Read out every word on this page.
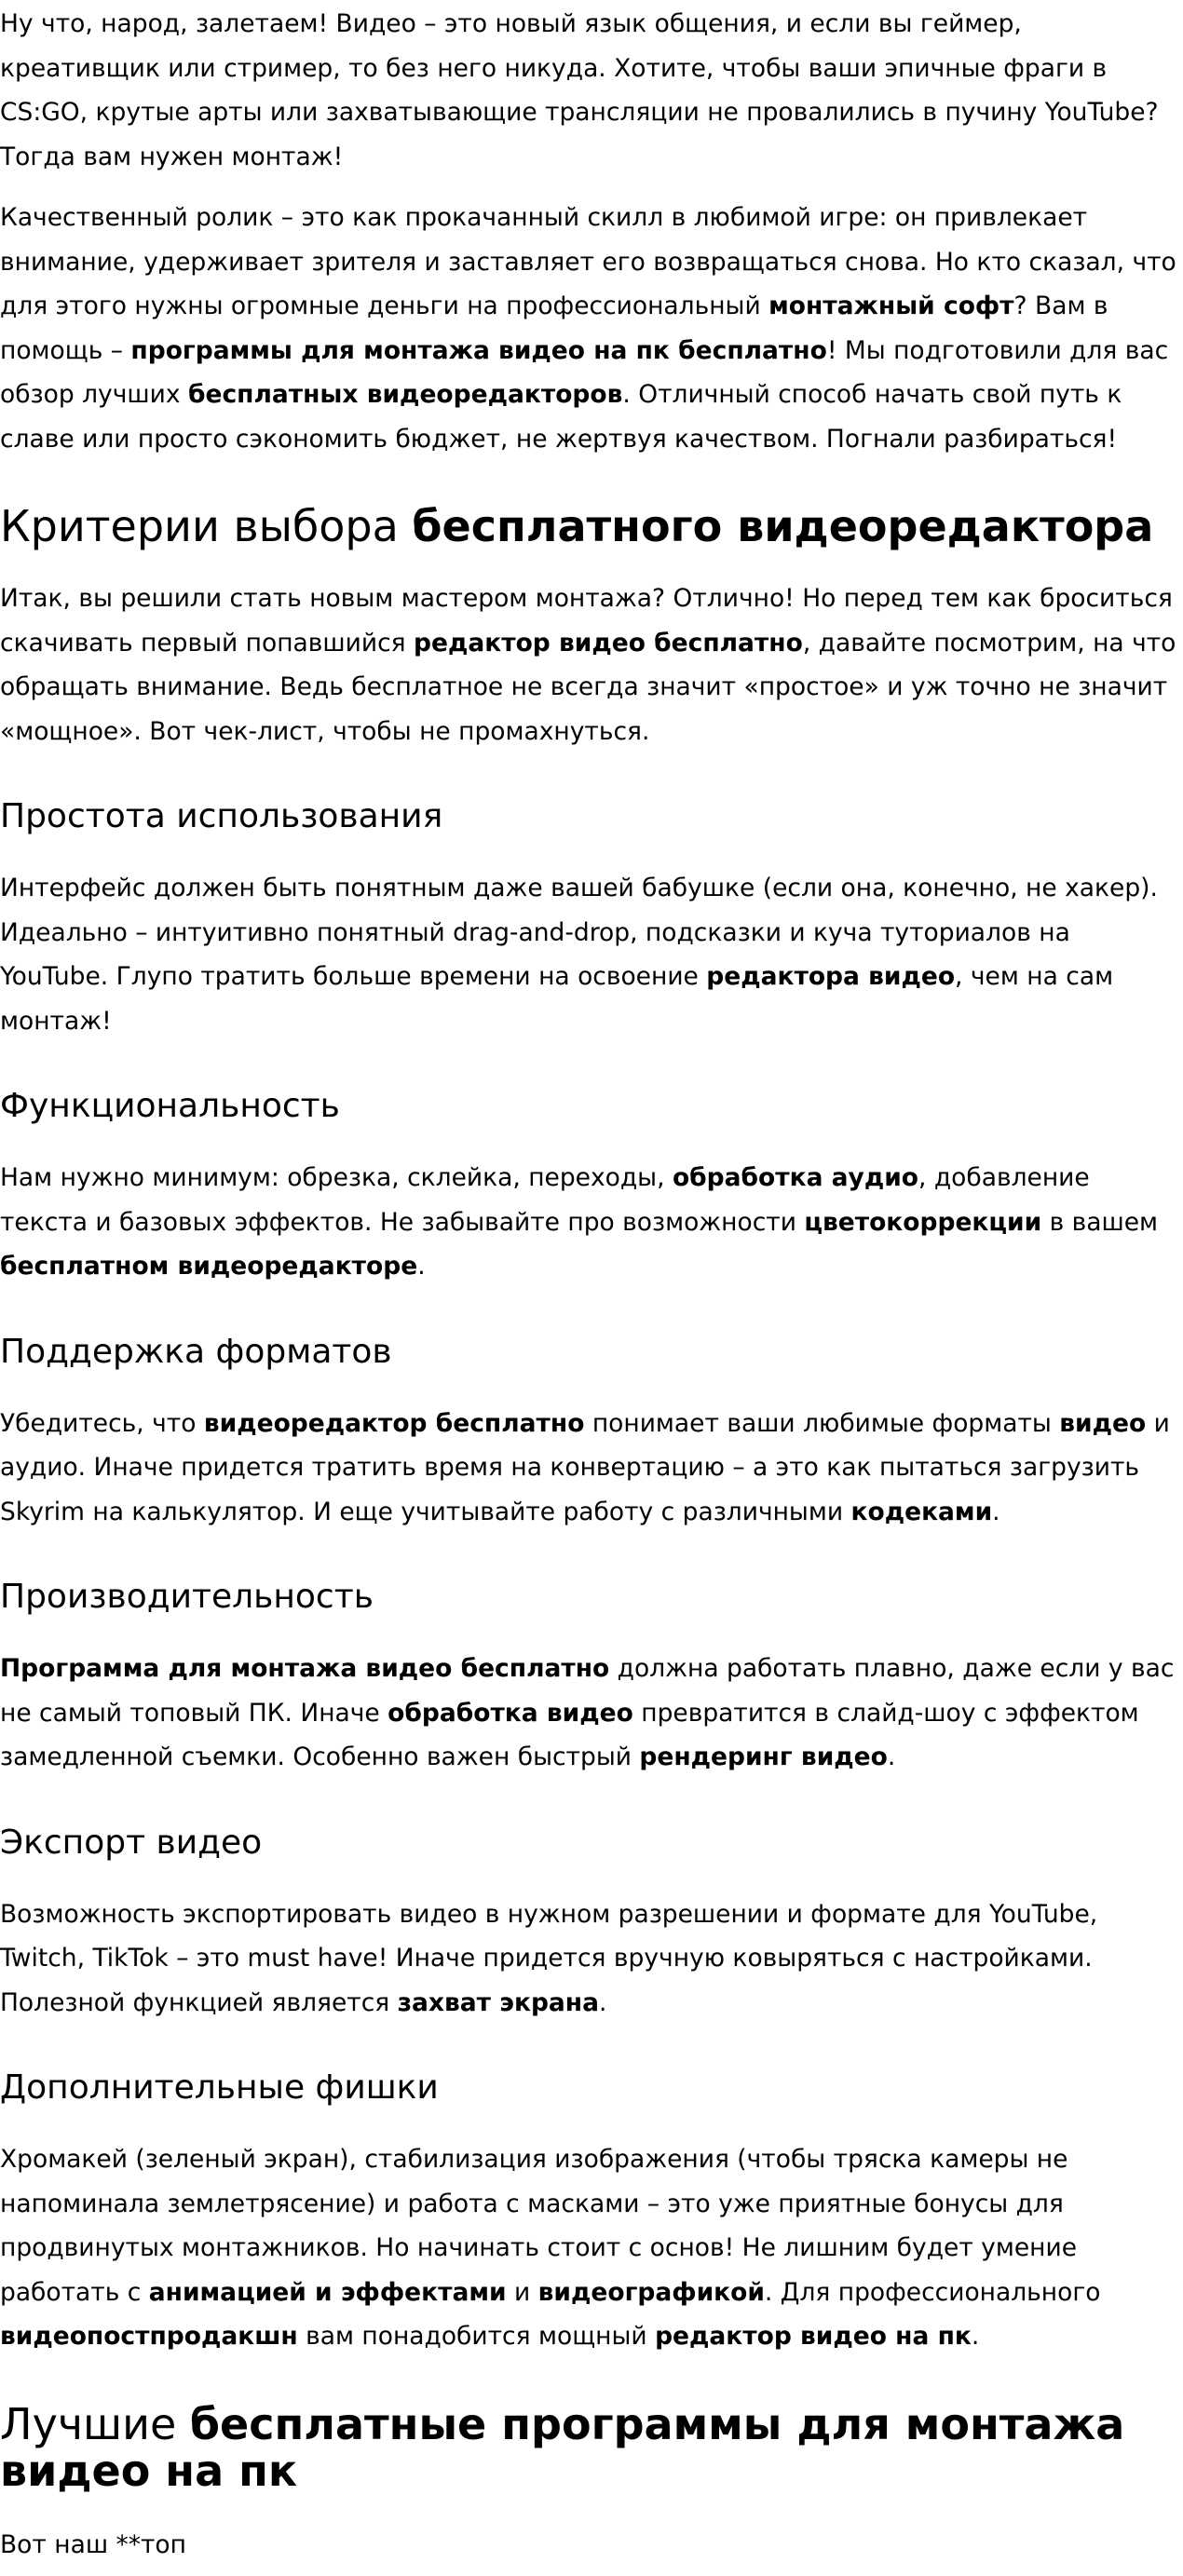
Ну что, народ, залетаем! Видео – это новый язык общения, и если вы геймер, креативщик или стример, то без него никуда. Хотите, чтобы ваши эпичные фраги в CS:GO, крутые арты или захватывающие трансляции не провалились в пучину YouTube? Тогда вам нужен монтаж!

Качественный ролик – это как прокачанный скилл в любимой игре: он привлекает внимание, удерживает зрителя и заставляет его возвращаться снова. Но кто сказал, что для этого нужны огромные деньги на профессиональный монтажный софт? Вам в помощь – программы для монтажа видео на пк бесплатно! Мы подготовили для вас обзор лучших бесплатных видеоредакторов. Отличный способ начать свой путь к славе или просто сэкономить бюджет, не жертвуя качеством. Погнали разбираться!

Критерии выбора бесплатного видеоредактора

Итак, вы решили стать новым мастером монтажа? Отлично! Но перед тем как броситься скачивать первый попавшийся редактор видео бесплатно, давайте посмотрим, на что обращать внимание. Ведь бесплатное не всегда значит «простое» и уж точно не значит «мощное». Вот чек-лист, чтобы не промахнуться.

Простота использования

Интерфейс должен быть понятным даже вашей бабушке (если она, конечно, не хакер). Идеально – интуитивно понятный drag-and-drop, подсказки и куча туториалов на YouTube. Глупо тратить больше времени на освоение редактора видео, чем на сам монтаж!

Функциональность

Нам нужно минимум: обрезка, склейка, переходы, обработка аудио, добавление текста и базовых эффектов. Не забывайте про возможности цветокоррекции в вашем бесплатном видеоредакторе.

Поддержка форматов

Убедитесь, что видеоредактор бесплатно понимает ваши любимые форматы видео и аудио. Иначе придется тратить время на конвертацию – а это как пытаться загрузить Skyrim на калькулятор. И еще учитывайте работу с различными кодеками.

Производительность

Программа для монтажа видео бесплатно должна работать плавно, даже если у вас не самый топовый ПК. Иначе обработка видео превратится в слайд-шоу с эффектом замедленной съемки. Особенно важен быстрый рендеринг видео.

Экспорт видео

Возможность экспортировать видео в нужном разрешении и формате для YouTube, Twitch, TikTok – это must have! Иначе придется вручную ковыряться с настройками. Полезной функцией является захват экрана.

Дополнительные фишки

Хромакей (зеленый экран), стабилизация изображения (чтобы тряска камеры не напоминала землетрясение) и работа с масками – это уже приятные бонусы для продвинутых монтажников. Но начинать стоит с основ! Не лишним будет умение работать с анимацией и эффектами и видеографикой. Для профессионального видеопостпродакшн вам понадобится мощный редактор видео на пк.

Лучшие бесплатные программы для монтажа видео на пк

Вот наш **топ
